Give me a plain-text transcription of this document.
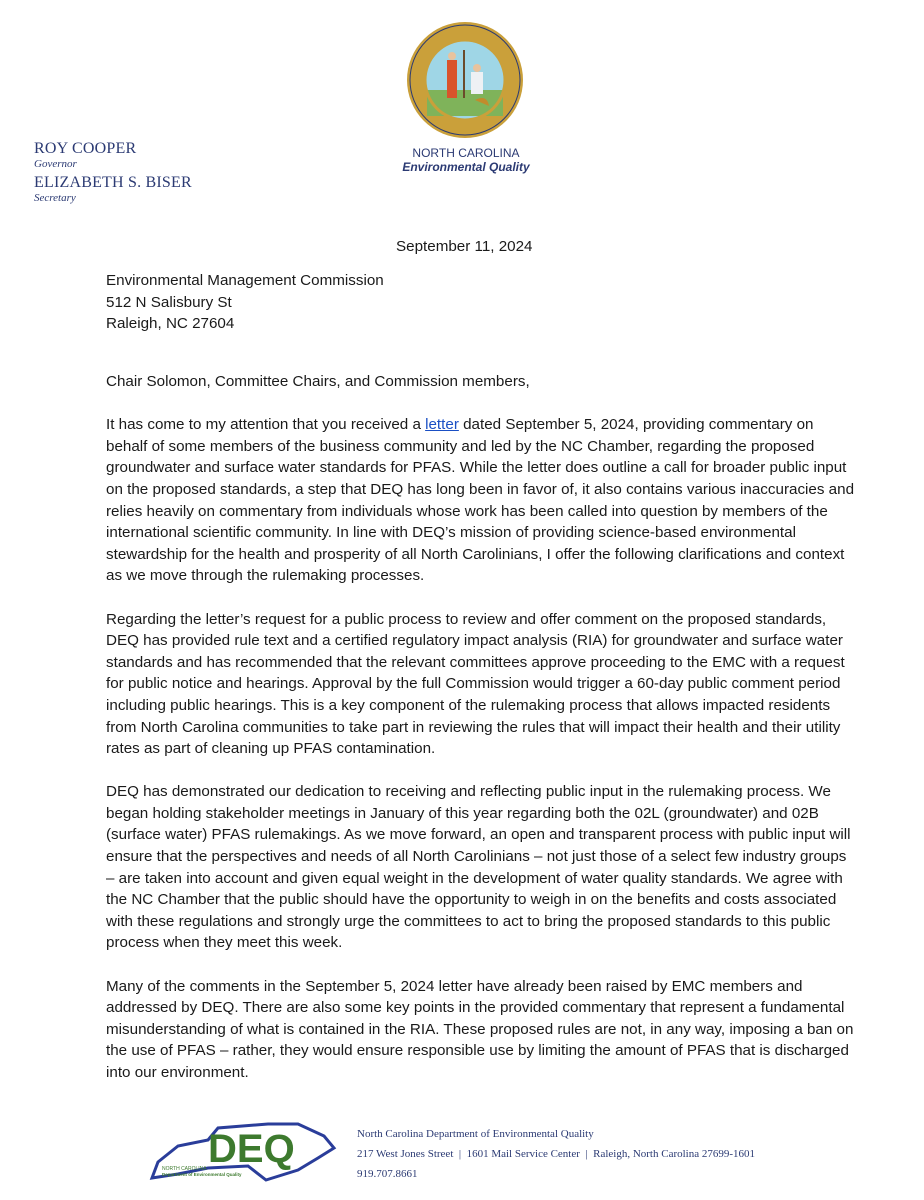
ROY COOPER
Governor
ELIZABETH S. BISER
Secretary
NORTH CAROLINA
Environmental Quality
September 11, 2024
Environmental Management Commission
512 N Salisbury St
Raleigh, NC 27604
Chair Solomon, Committee Chairs, and Commission members,
It has come to my attention that you received a letter dated September 5, 2024, providing commentary on
behalf of some members of the business community and led by the NC Chamber, regarding the proposed
groundwater and surface water standards for PFAS. While the letter does outline a call for broader public input
on the proposed standards, a step that DEQ has long been in favor of, it also contains various inaccuracies and
relies heavily on commentary from individuals whose work has been called into question by members of the
international scientific community. In line with DEQ’s mission of providing science-based environmental
stewardship for the health and prosperity of all North Carolinians, I offer the following clarifications and context
as we move through the rulemaking processes.
Regarding the letter’s request for a public process to review and offer comment on the proposed standards,
DEQ has provided rule text and a certified regulatory impact analysis (RIA) for groundwater and surface water
standards and has recommended that the relevant committees approve proceeding to the EMC with a request
for public notice and hearings. Approval by the full Commission would trigger a 60-day public comment period
including public hearings. This is a key component of the rulemaking process that allows impacted residents
from North Carolina communities to take part in reviewing the rules that will impact their health and their utility
rates as part of cleaning up PFAS contamination.
DEQ has demonstrated our dedication to receiving and reflecting public input in the rulemaking process. We
began holding stakeholder meetings in January of this year regarding both the 02L (groundwater) and 02B
(surface water) PFAS rulemakings. As we move forward, an open and transparent process with public input will
ensure that the perspectives and needs of all North Carolinians – not just those of a select few industry groups
– are taken into account and given equal weight in the development of water quality standards. We agree with
the NC Chamber that the public should have the opportunity to weigh in on the benefits and costs associated
with these regulations and strongly urge the committees to act to bring the proposed standards to this public
process when they meet this week.
Many of the comments in the September 5, 2024 letter have already been raised by EMC members and
addressed by DEQ. There are also some key points in the provided commentary that represent a fundamental
misunderstanding of what is contained in the RIA. These proposed rules are not, in any way, imposing a ban on
the use of PFAS – rather, they would ensure responsible use by limiting the amount of PFAS that is discharged
into our environment.
DEQ
NORTH CAROLINA
Department of Environmental Quality
North Carolina Department of Environmental Quality
217 West Jones Street  |  1601 Mail Service Center  |  Raleigh, North Carolina 27699-1601
919.707.8661
